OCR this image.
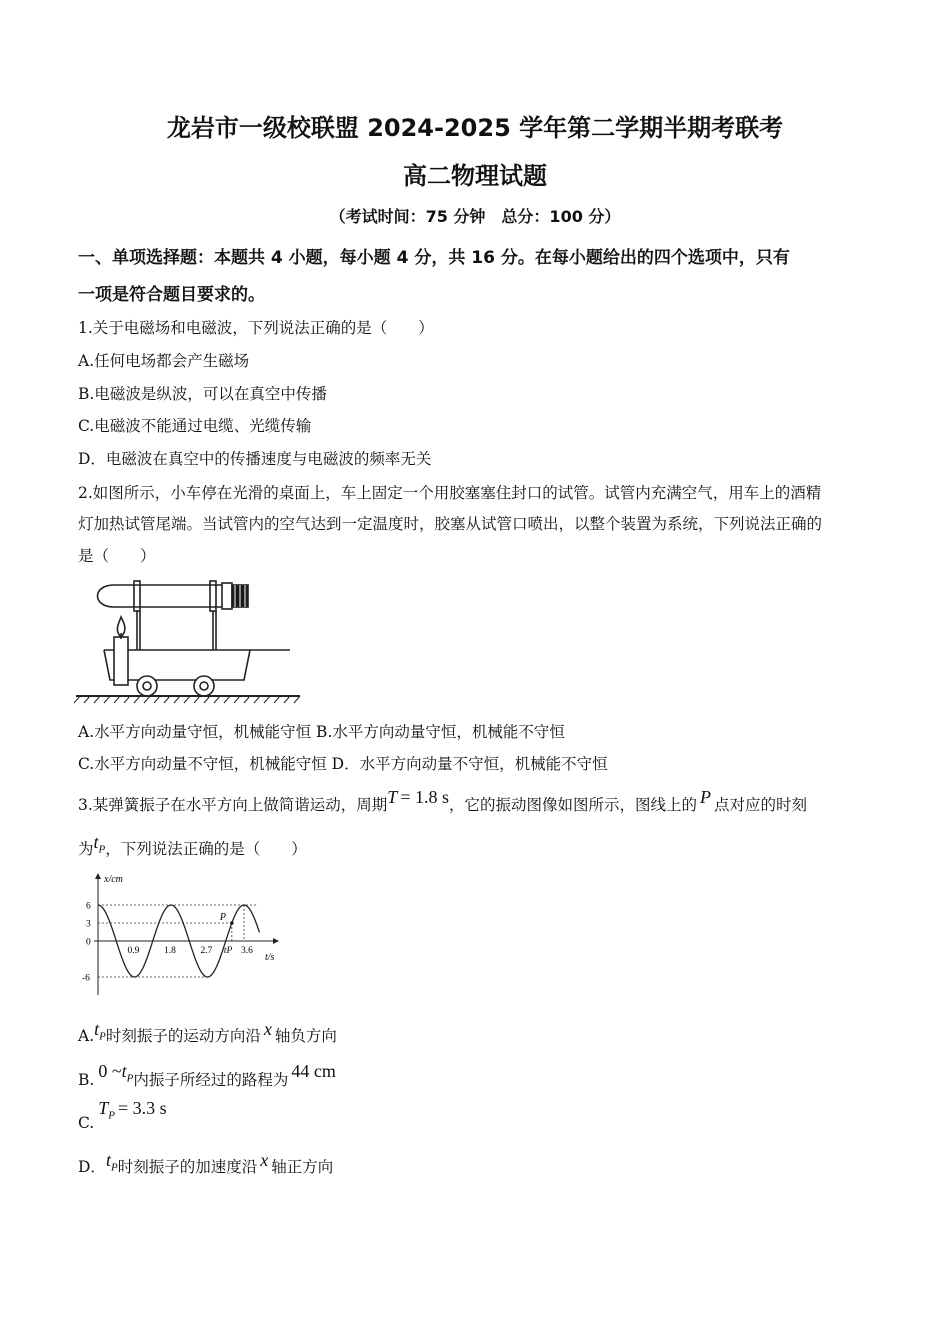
龙岩市一级校联盟 2024-2025 学年第二学期半期考联考
高二物理试题
（考试时间：75 分钟　总分：100 分）
一、单项选择题：本题共 4 小题，每小题 4 分，共 16 分。在每小题给出的四个选项中，只有
一项是符合题目要求的。
1.关于电磁场和电磁波，下列说法正确的是（　　）
A.任何电场都会产生磁场
B.电磁波是纵波，可以在真空中传播
C.电磁波不能通过电缆、光缆传输
D．电磁波在真空中的传播速度与电磁波的频率无关
2.如图所示，小车停在光滑的桌面上，车上固定一个用胶塞塞住封口的试管。试管内充满空气，用车上的酒精
灯加热试管尾端。当试管内的空气达到一定温度时，胶塞从试管口喷出，以整个装置为系统，下列说法正确的
是（　　）
A.水平方向动量守恒，机械能守恒 B.水平方向动量守恒，机械能不守恒
C.水平方向动量不守恒，机械能守恒 D．水平方向动量不守恒，机械能不守恒
3.某弹簧振子在水平方向上做简谐运动，周期T = 1.8 s，它的振动图像如图所示，图线上的 P 点对应的时刻
为$t_P$，下列说法正确的是（　　）
x/cm
t/s
0.9	1.8	2.7	3.6
tP
6
3
0
-6
P
$A.t_P$时刻振子的运动方向沿 x 轴负方向
B. 0 $\sim t_P$内振子所经过的路程为 44 cm
$C.T_P = 3.3$ s
D．$t_P$时刻振子的加速度沿 x 轴正方向
